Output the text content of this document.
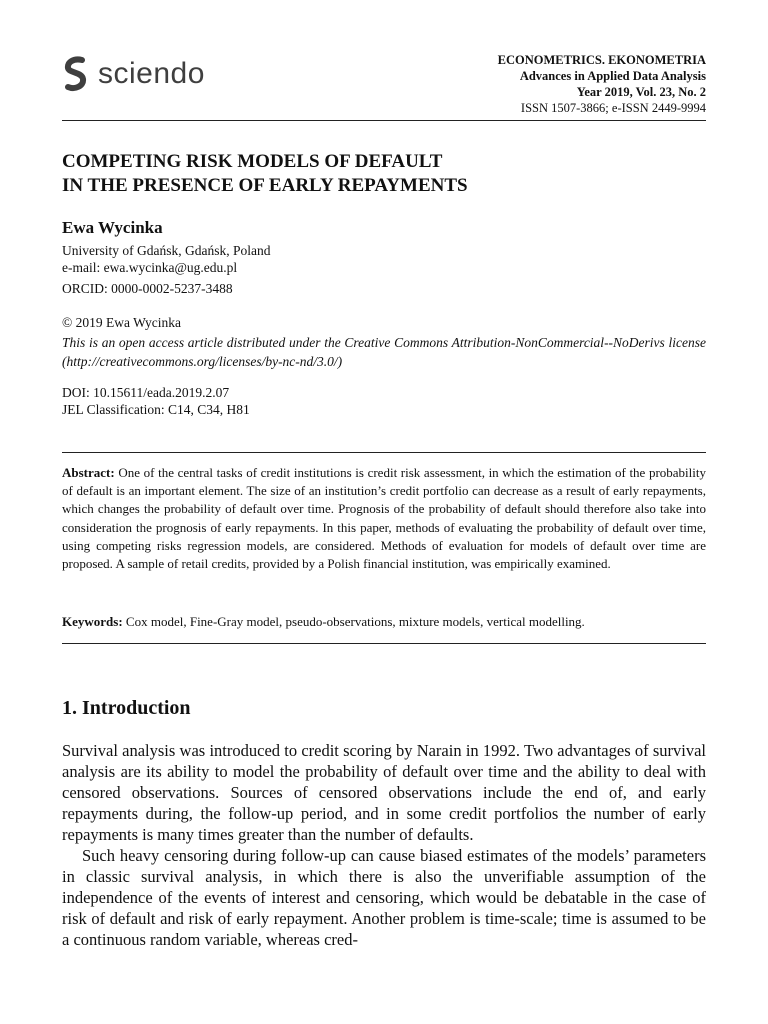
sciendo	ECONOMETRICS. EKONOMETRIA
Advances in Applied Data Analysis
Year 2019, Vol. 23, No. 2
ISSN 1507-3866; e-ISSN 2449-9994
COMPETING RISK MODELS OF DEFAULT
IN THE PRESENCE OF EARLY REPAYMENTS
Ewa Wycinka
University of Gdańsk, Gdańsk, Poland
e-mail: ewa.wycinka@ug.edu.pl
ORCID: 0000-0002-5237-3488
© 2019 Ewa Wycinka
This is an open access article distributed under the Creative Commons Attribution-NonCommercial--NoDerivs license (http://creativecommons.org/licenses/by-nc-nd/3.0/)
DOI: 10.15611/eada.2019.2.07
JEL Classification: C14, C34, H81
Abstract: One of the central tasks of credit institutions is credit risk assessment, in which the estimation of the probability of default is an important element. The size of an institution’s credit portfolio can decrease as a result of early repayments, which changes the probability of default over time. Prognosis of the probability of default should therefore also take into consideration the prognosis of early repayments. In this paper, methods of evaluating the probability of default over time, using competing risks regression models, are considered. Methods of evaluation for models of default over time are proposed. A sample of retail credits, provided by a Polish financial institution, was empirically examined.
Keywords: Cox model, Fine-Gray model, pseudo-observations, mixture models, vertical modelling.
1. Introduction

Survival analysis was introduced to credit scoring by Narain in 1992. Two advantages of survival analysis are its ability to model the probability of default over time and the ability to deal with censored observations. Sources of censored observations include the end of, and early repayments during, the follow-up period, and in some credit portfolios the number of early repayments is many times greater than the number of defaults.

Such heavy censoring during follow-up can cause biased estimates of the models’ parameters in classic survival analysis, in which there is also the unverifiable assumption of the independence of the events of interest and censoring, which would be debatable in the case of risk of default and risk of early repayment. Another problem is time-scale; time is assumed to be a continuous random variable, whereas cred-
